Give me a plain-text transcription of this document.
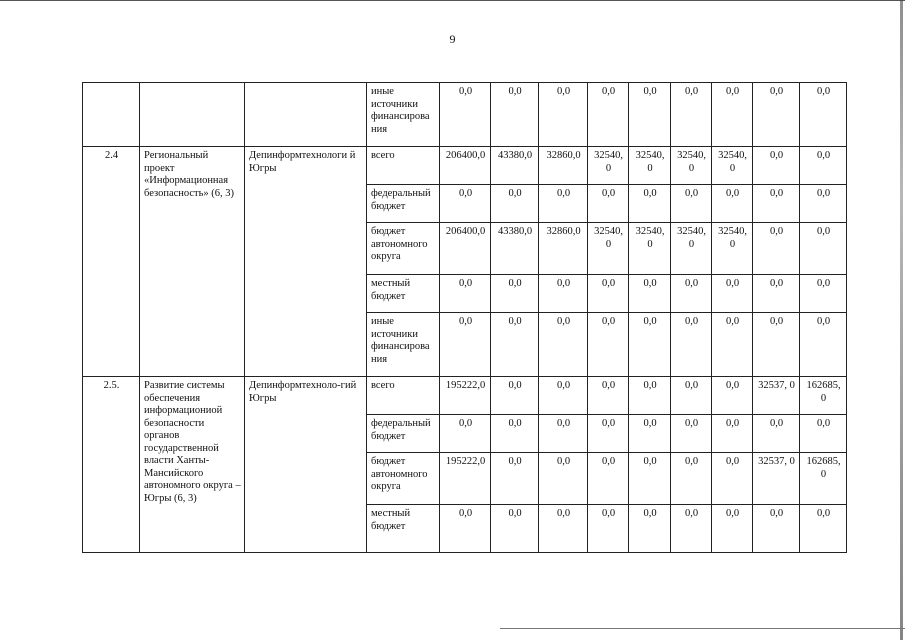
9
			иные источники финансирова ния	0,0	0,0	0,0	0,0	0,0	0,0	0,0	0,0	0,0
2.4	Региональный проект «Информационная безопасность» (6, 3)	Депинформтехнологи й Югры	всего	206400,0	43380,0	32860,0	32540, 0	32540, 0	32540, 0	32540, 0	0,0	0,0
			федеральный бюджет	0,0	0,0	0,0	0,0	0,0	0,0	0,0	0,0	0,0
			бюджет автономного округа	206400,0	43380,0	32860,0	32540, 0	32540, 0	32540, 0	32540, 0	0,0	0,0
			местный бюджет	0,0	0,0	0,0	0,0	0,0	0,0	0,0	0,0	0,0
			иные источники финансирова ния	0,0	0,0	0,0	0,0	0,0	0,0	0,0	0,0	0,0
2.5.	Развитие системы обеспечения информациониой безопасности органов государственной власти Ханты-Мансийского автономного округа – Югры (6, 3)	Депинформтехноло-гий Югры	всего	195222,0	0,0	0,0	0,0	0,0	0,0	0,0	32537, 0	162685, 0
			федеральный бюджет	0,0	0,0	0,0	0,0	0,0	0,0	0,0	0,0	0,0
			бюджет автономного округа	195222,0	0,0	0,0	0,0	0,0	0,0	0,0	32537, 0	162685, 0
			местный бюджет	0,0	0,0	0,0	0,0	0,0	0,0	0,0	0,0	0,0
